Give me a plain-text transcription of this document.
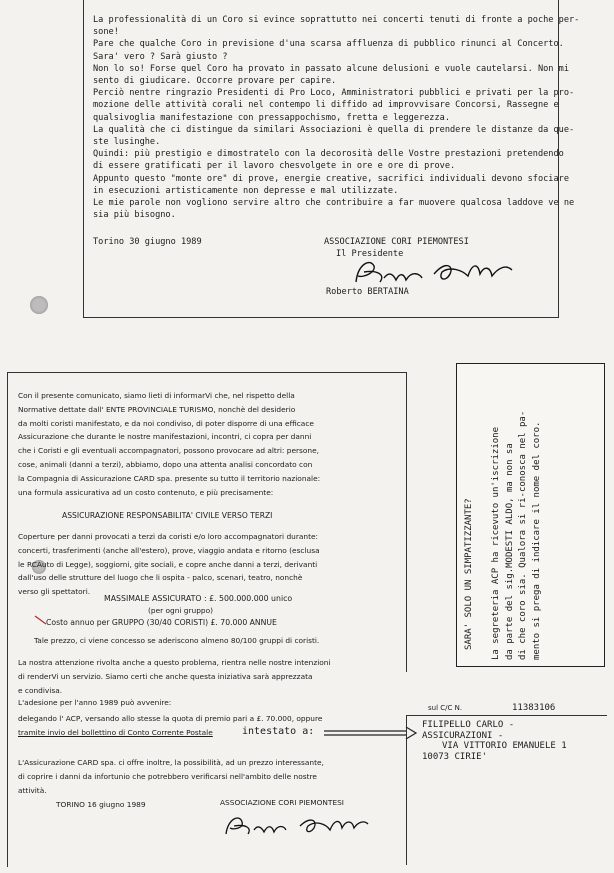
La professionalità di un Coro si evince soprattutto nei concerti tenuti di fronte a poche per-
sone!
Pare che qualche Coro in previsione d'una scarsa affluenza di pubblico rinunci al Concerto.
Sara' vero ? Sarà giusto ?
Non lo so! Forse quel Coro ha provato in passato alcune delusioni e vuole cautelarsi. Non mi
sento di giudicare. Occorre provare per capire.
Perciò nentre ringrazio Presidenti di Pro Loco, Amministratori pubblici e privati per la pro-
mozione delle attività corali nel contempo li diffido ad improvvisare Concorsi, Rassegne e
qualsivoglia manifestazione con pressappochismo, fretta e leggerezza.
La qualità che ci distingue da similari Associazioni è quella di prendere le distanze da que-
ste lusinghe.
Quindi: più prestigio e dimostratelo con la decorosità delle Vostre prestazioni pretendendo
di essere gratificati per il lavoro chesvolgete in ore e ore di prove.
Appunto questo "monte ore" di prove, energie creative, sacrifici individuali devono sfociare
in esecuzioni artisticamente non depresse e mal utilizzate.
Le mie parole non vogliono servire altro che contribuire a far muovere qualcosa laddove ve ne
sia più bisogno.
Torino 30 giugno 1989	ASSOCIAZIONE CORI PIEMONTESI
Il Presidente
Roberto BERTAINA
SARA' SOLO UN SIMPATIZZANTE? La segreteria ACP ha ricevuto un'iscrizione da parte del sig.MODESTI ALDO, ma non sa di che coro sia. Qualora si ri-conosca nel pa- mento si prega di indicare il nome del coro.
Con il presente comunicato, siamo lieti di informarVi che, nel rispetto della
Normative dettate dall' ENTE PROVINCIALE TURISMO, nonchè del desiderio
da molti coristi manifestato, e da noi condiviso, di poter disporre di una efficace
Assicurazione che durante le nostre manifestazioni, incontri, ci copra per danni
che i Coristi e gli eventuali accompagnatori, possono provocare ad altri: persone,
cose, animali (danni a terzi), abbiamo, dopo una attenta analisi concordato con
la Compagnia di Assicurazione CARD spa. presente su tutto il territorio nazionale:
una formula assicurativa ad un costo contenuto, e più precisamente:
ASSICURAZIONE RESPONSABILITA' CIVILE VERSO TERZI
Coperture per danni provocati a terzi da coristi e/o loro accompagnatori durante:
concerti, trasferimenti (anche all'estero), prove, viaggio andata e ritorno (esclusa
le RCAuto di Legge), soggiorni, gite sociali, e copre anche danni a terzi, derivanti
dall'uso delle strutture del luogo che li ospita - palco, scenari, teatro, nonchè
verso gli spettatori.
MASSIMALE ASSICURATO : £. 500.000.000 unico
(per ogni gruppo)
Costo annuo per GRUPPO (30/40 CORISTI) £. 70.000 ANNUE
Tale prezzo, ci viene concesso se aderiscono almeno 80/100 gruppi di coristi.
La nostra attenzione rivolta anche a questo problema, rientra nelle nostre intenzioni
di renderVi un servizio. Siamo certi che anche questa iniziativa sarà apprezzata
e condivisa.
L'adesione per l'anno 1989 può avvenire:
delegando l' ACP, versando allo stesse la quota di premio pari a £. 70.000, oppure
tramite invio del bollettino di Conto Corrente Postale	intestato a:
sul C/C N.	11383106
FILIPELLO CARLO -
ASSICURAZIONI -
VIA VITTORIO EMANUELE 1
10073 CIRIE'
L'Assicurazione CARD spa. ci offre inoltre, la possibilità, ad un prezzo interessante,
di coprire i danni da infortunio che potrebbero verificarsi nell'ambito delle nostre
attività.
TORINO 16 giugno 1989	ASSOCIAZIONE CORI PIEMONTESI
